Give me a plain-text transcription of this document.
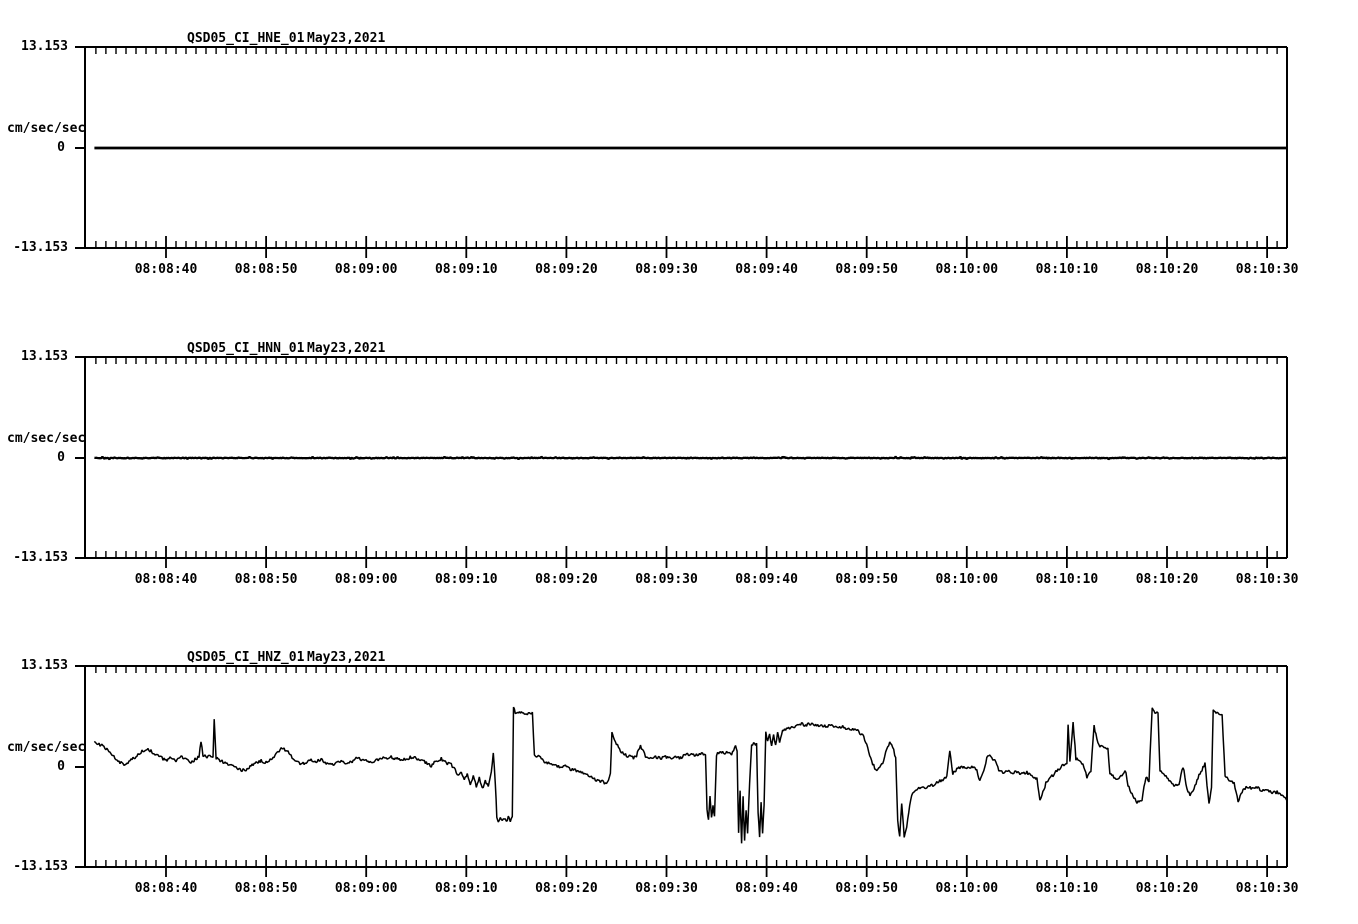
QSD05_CI_HNE_01 May23,2021
13.153
cm/sec/sec
0
-13.153
QSD05_CI_HNN_01 May23,2021
13.153
cm/sec/sec
0
-13.153
QSD05_CI_HNZ_01 May23,2021
13.153
cm/sec/sec
0
-13.153
08:08:40	08:08:50	08:09:00	08:09:10	08:09:20	08:09:30	08:09:40	08:09:50	08:10:00	08:10:10	08:10:20	08:10:30
08:08:40	08:08:50	08:09:00	08:09:10	08:09:20	08:09:30	08:09:40	08:09:50	08:10:00	08:10:10	08:10:20	08:10:30
08:08:40	08:08:50	08:09:00	08:09:10	08:09:20	08:09:30	08:09:40	08:09:50	08:10:00	08:10:10	08:10:20	08:10:30
